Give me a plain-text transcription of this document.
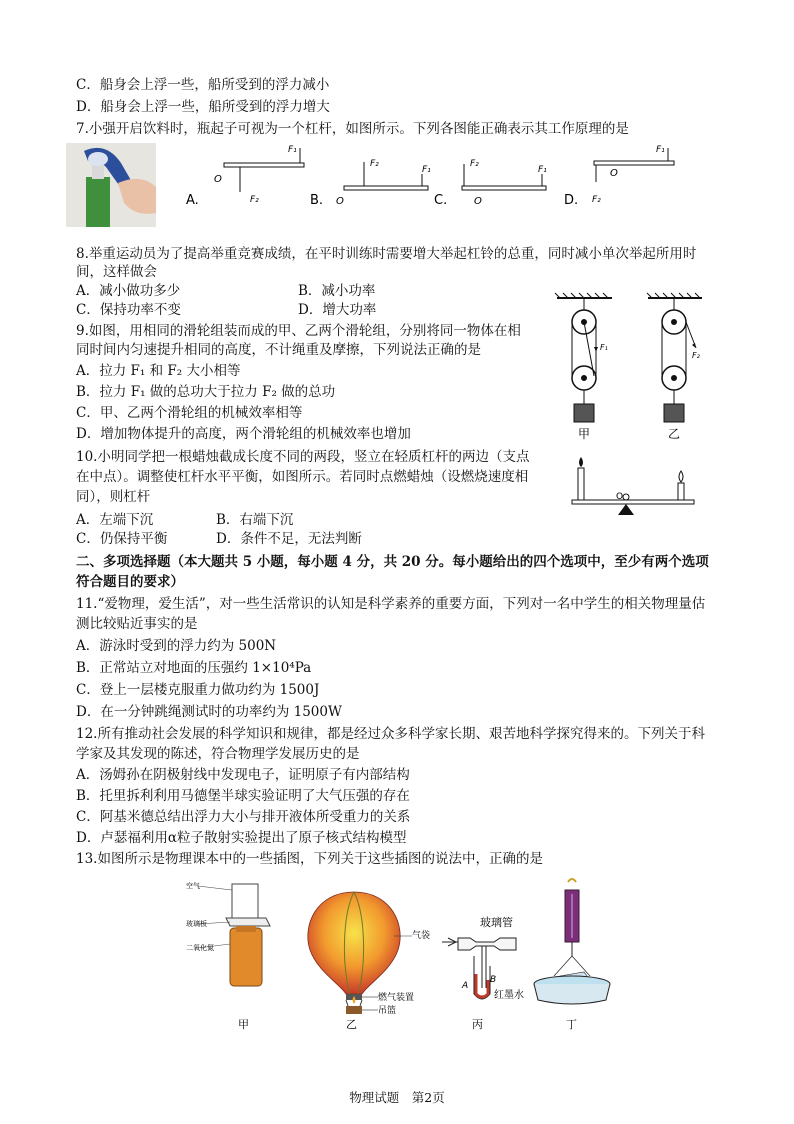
C．船身会上浮一些，船所受到的浮力减小
D．船身会上浮一些，船所受到的浮力增大
7.小强开启饮料时，瓶起子可视为一个杠杆，如图所示。下列各图能正确表示其工作原理的是
A.
O
F₁
F₂	B. O
F₂
F₁
C.
F₂
O
F₁
D.
F₁
F₂
O
8.举重运动员为了提高举重竞赛成绩，在平时训练时需要增大举起杠铃的总重，同时减小单次举起所用时
间，这样做会
A．减小做功多少	B．减小功率
C．保持功率不变	D．增大功率
9.如图，用相同的滑轮组装而成的甲、乙两个滑轮组，分别将同一物体在相
同时间内匀速提升相同的高度，不计绳重及摩擦，下列说法正确的是
A．拉力 F₁ 和 F₂ 大小相等
B．拉力 F₁ 做的总功大于拉力 F₂ 做的总功
C．甲、乙两个滑轮组的机械效率相等
D．增加物体提升的高度，两个滑轮组的机械效率也增加
F₁
甲
F₂
乙
10.小明同学把一根蜡烛截成长度不同的两段，竖立在轻质杠杆的两边（支点
在中点）。调整使杠杆水平平衡，如图所示。若同时点燃蜡烛（设燃烧速度相
同），则杠杆
A．左端下沉	B．右端下沉
C．仍保持平衡	D．条件不足，无法判断
O
二、多项选择题（本大题共 5 小题，每小题 4 分，共 20 分。每小题给出的四个选项中，至少有两个选项
符合题目的要求）
11.“爱物理，爱生活”，对一些生活常识的认知是科学素养的重要方面，下列对一名中学生的相关物理量估
测比较贴近事实的是
A．游泳时受到的浮力约为 500N
B．正常站立对地面的压强约 1×10⁴Pa
C．登上一层楼克服重力做功约为 1500J
D．在一分钟跳绳测试时的功率约为 1500W
12.所有推动社会发展的科学知识和规律，都是经过众多科学家长期、艰苦地科学探究得来的。下列关于科
学家及其发现的陈述，符合物理学发展历史的是
A．汤姆孙在阴极射线中发现电子，证明原子有内部结构
B．托里拆利利用马德堡半球实验证明了大气压强的存在
C．阿基米德总结出浮力大小与排开液体所受重力的关系
D．卢瑟福利用α粒子散射实验提出了原子核式结构模型
13.如图所示是物理课本中的一些插图，下列关于这些插图的说法中，正确的是
空气
玻璃板
二氧化氮
甲
气袋
燃气装置
吊篮
乙
A
B
玻璃管
红墨水
丙	丁
物理试题　第2页
